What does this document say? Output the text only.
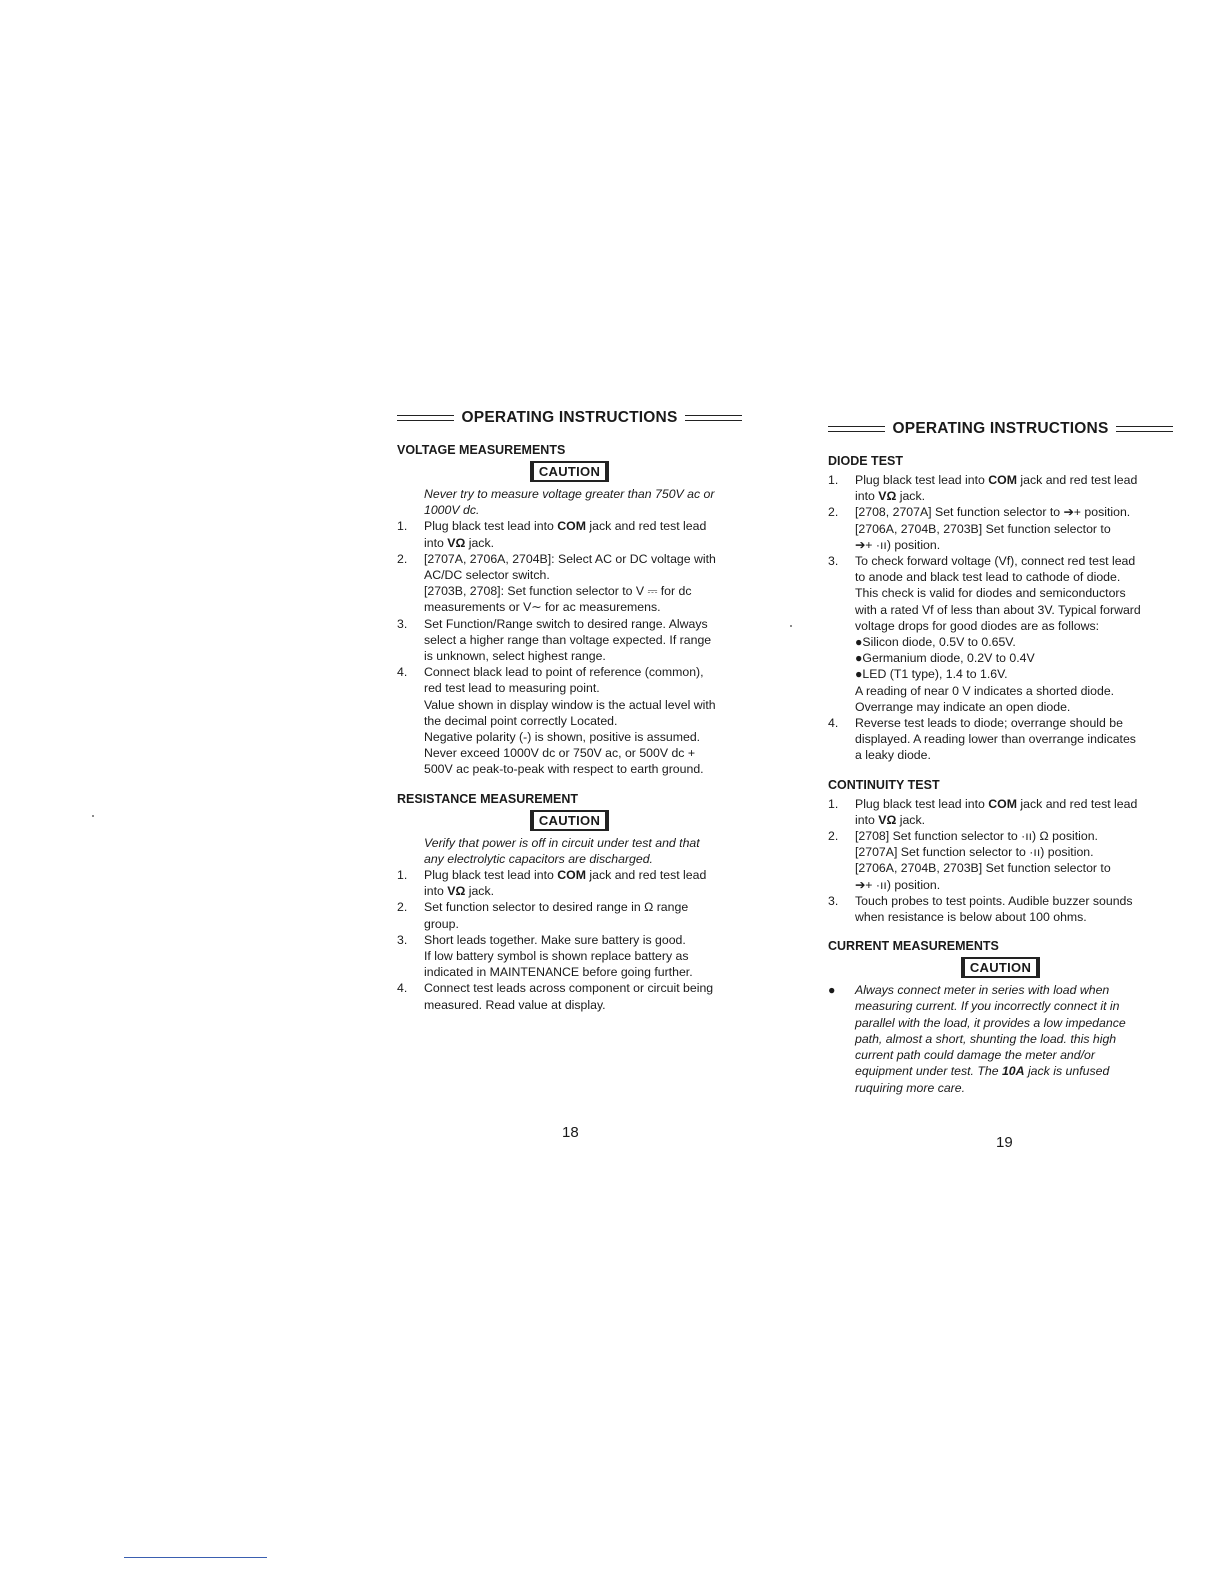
OPERATING INSTRUCTIONS
VOLTAGE MEASUREMENTS
CAUTION
Never try to measure voltage greater than 750V ac or
1000V dc.
1.	Plug black test lead into COM jack and red test lead
into VΩ jack.
2.	[2707A, 2706A, 2704B]: Select AC or DC voltage with
AC/DC selector switch.
[2703B, 2708]: Set function selector to V ⎓ for dc
measurements or V∼ for ac measuremens.
3.	Set Function/Range switch to desired range. Always
select a higher range than voltage expected. If range
is unknown, select highest range.
4.	Connect black lead to point of reference (common),
red test lead to measuring point.
Value shown in display window is the actual level with
the decimal point correctly Located.
Negative polarity (-) is shown, positive is assumed.
Never exceed 1000V dc or 750V ac, or 500V dc +
500V ac peak-to-peak with respect to earth ground.
RESISTANCE MEASUREMENT
CAUTION
Verify that power is off in circuit under test and that
any electrolytic capacitors are discharged.
1.	Plug black test lead into COM jack and red test lead
into VΩ jack.
2.	Set function selector to desired range in Ω range
group.
3.	Short leads together. Make sure battery is good.
If low battery symbol is shown replace battery as
indicated in MAINTENANCE before going further.
4.	Connect test leads across component or circuit being
measured. Read value at display.
OPERATING INSTRUCTIONS
DIODE TEST
1.	Plug black test lead into COM jack and red test lead
into VΩ jack.
2.	[2708, 2707A] Set function selector to ➔+ position.
[2706A, 2704B, 2703B] Set function selector to
➔+ ·ıı) position.
3.	To check forward voltage (Vf), connect red test lead
to anode and black test lead to cathode of diode.
This check is valid for diodes and semiconductors
with a rated Vf of less than about 3V. Typical forward
voltage drops for good diodes are as follows:
●Silicon diode, 0.5V to 0.65V.
●Germanium diode, 0.2V to 0.4V
●LED (T1 type), 1.4 to 1.6V.
A reading of near 0 V indicates a shorted diode.
Overrange may indicate an open diode.
4.	Reverse test leads to diode; overrange should be
displayed. A reading lower than overrange indicates
a leaky diode.
CONTINUITY TEST
1.	Plug black test lead into COM jack and red test lead
into VΩ jack.
2.	[2708] Set function selector to ·ıı) Ω position.
[2707A] Set function selector to ·ıı) position.
[2706A, 2704B, 2703B] Set function selector to
➔+ ·ıı) position.
3.	Touch probes to test points. Audible buzzer sounds
when resistance is below about 100 ohms.
CURRENT MEASUREMENTS
CAUTION
●	Always connect meter in series with load when
measuring current. If you incorrectly connect it in
parallel with the load, it provides a low impedance
path, almost a short, shunting the load. this high
current path could damage the meter and/or
equipment under test. The 10A jack is unfused
ruquiring more care.
18
19
